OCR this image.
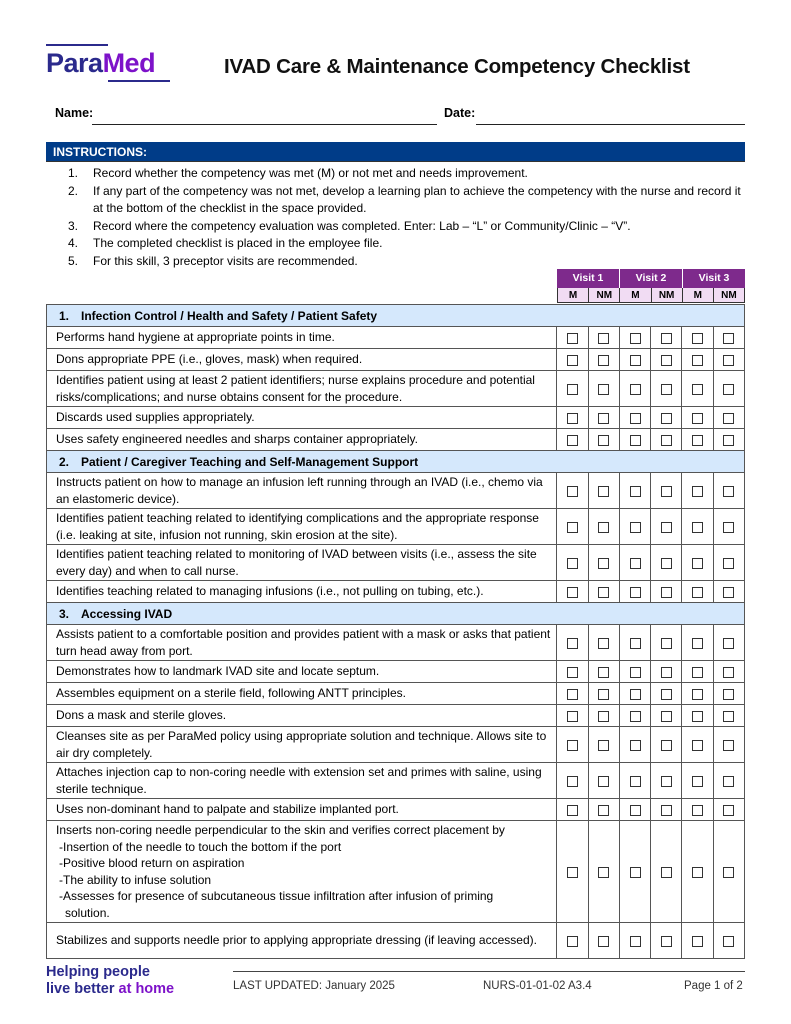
ParaMed	IVAD Care & Maintenance Competency Checklist
Name:	Date:
INSTRUCTIONS:
1.	Record whether the competency was met (M) or not met and needs improvement.
2.	If any part of the competency was not met, develop a learning plan to achieve the competency with the nurse and record it at the bottom of the checklist in the space provided.
3.	Record where the competency evaluation was completed. Enter: Lab – “L” or Community/Clinic – “V”.
4.	The completed checklist is placed in the employee file.
5.	For this skill, 3 preceptor visits are recommended.
Visit 1	Visit 2	Visit 3
M	NM	M	NM	M	NM
1. Infection Control / Health and Safety / Patient Safety						
Performs hand hygiene at appropriate points in time.						
Dons appropriate PPE (i.e., gloves, mask) when required.						
Identifies patient using at least 2 patient identifiers; nurse explains procedure and potential risks/complications; and nurse obtains consent for the procedure.						
Discards used supplies appropriately.						
Uses safety engineered needles and sharps container appropriately.						
2. Patient / Caregiver Teaching and Self-Management Support						
Instructs patient on how to manage an infusion left running through an IVAD (i.e., chemo via an elastomeric device).						
Identifies patient teaching related to identifying complications and the appropriate response (i.e. leaking at site, infusion not running, skin erosion at the site).						
Identifies patient teaching related to monitoring of IVAD between visits (i.e., assess the site every day) and when to call nurse.						
Identifies teaching related to managing infusions (i.e., not pulling on tubing, etc.).						
3. Accessing IVAD						
Assists patient to a comfortable position and provides patient with a mask or asks that patient turn head away from port.						
Demonstrates how to landmark IVAD site and locate septum.						
Assembles equipment on a sterile field, following ANTT principles.						
Dons a mask and sterile gloves.						
Cleanses site as per ParaMed policy using appropriate solution and technique. Allows site to air dry completely.						
Attaches injection cap to non-coring needle with extension set and primes with saline, using sterile technique.						
Uses non-dominant hand to palpate and stabilize implanted port.						
Inserts non-coring needle perpendicular to the skin and verifies correct placement by
-Insertion of the needle to touch the bottom if the port
-Positive blood return on aspiration
-The ability to infuse solution
-Assesses for presence of subcutaneous tissue infiltration after infusion of priming
solution.

Stabilizes and supports needle prior to applying appropriate dressing (if leaving accessed).						
Helping people
live better at home	LAST UPDATED: January 2025	NURS-01-01-02 A3.4	Page 1 of 2
